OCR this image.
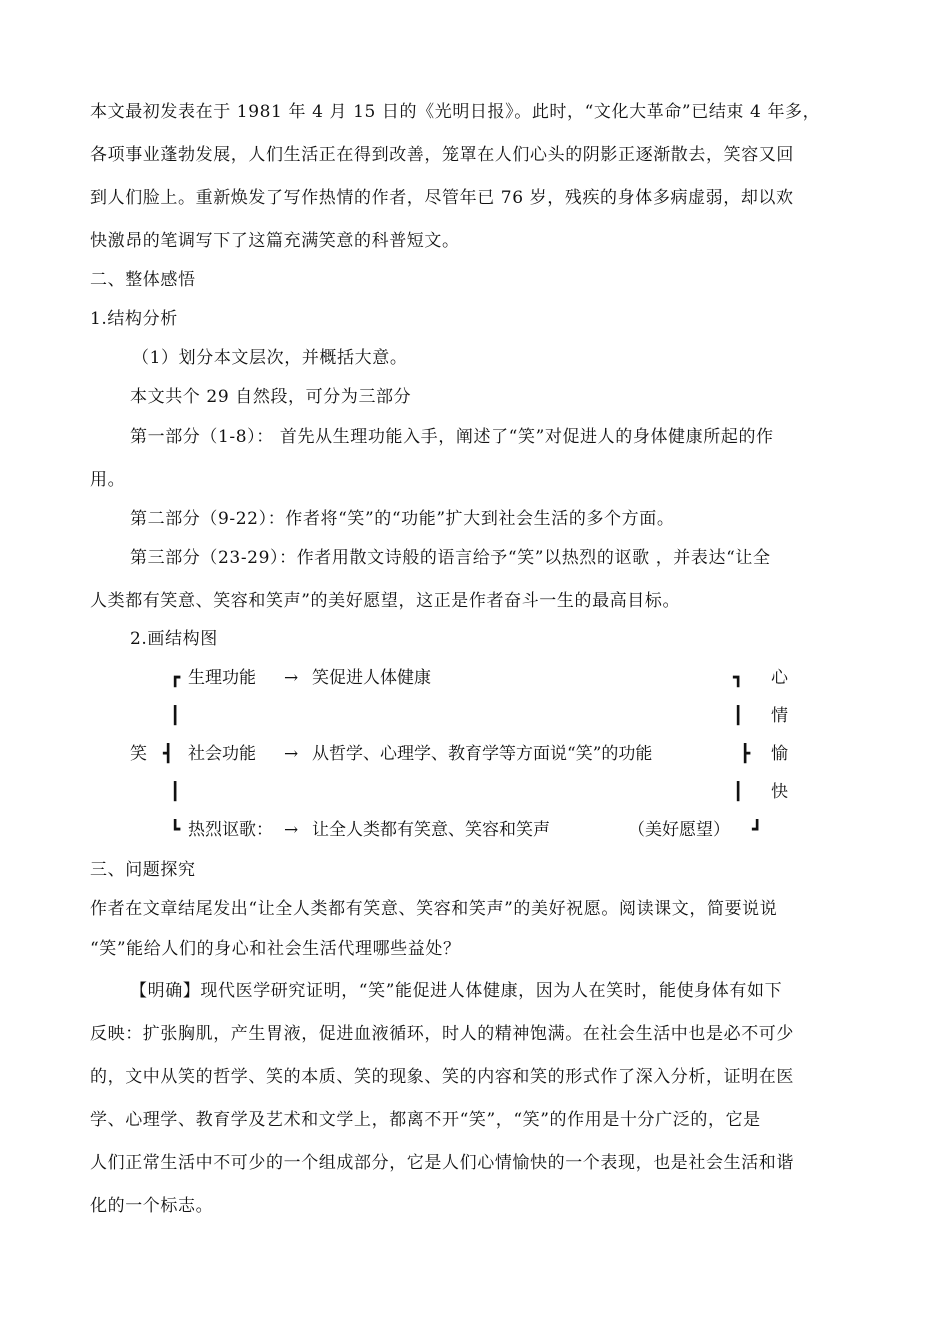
本文最初发表在于 1981 年 4 月 15 日的《光明日报》。此时，“文化大革命”已结束 4 年多，
各项事业蓬勃发展，人们生活正在得到改善，笼罩在人们心头的阴影正逐渐散去，笑容又回
到人们脸上。重新焕发了写作热情的作者，尽管年已 76 岁，残疾的身体多病虚弱，却以欢
快激昂的笔调写下了这篇充满笑意的科普短文。
二、整体感悟
1.结构分析
（1）划分本文层次，并概括大意。
本文共个 29 自然段，可分为三部分
第一部分（1-8）： 首先从生理功能入手，阐述了“笑”对促进人的身体健康所起的作
用。
第二部分（9-22）：作者将“笑”的“功能”扩大到社会生活的多个方面。
第三部分（23-29）：作者用散文诗般的语言给予“笑”以热烈的讴歌 ，并表达“让全
人类都有笑意、笑容和笑声”的美好愿望，这正是作者奋斗一生的最高目标。
2.画结构图
┏
┃
┫
┃
┗
笑
生理功能 → 笑促进人体健康
社会功能 → 从哲学、心理学、教育学等方面说“笑”的功能
热烈讴歌： → 让全人类都有笑意、笑容和笑声	（美好愿望）
┓
┃
┣
┃
┛
心
情
愉
快
三、问题探究
作者在文章结尾发出“让全人类都有笑意、笑容和笑声”的美好祝愿。阅读课文，简要说说
“笑”能给人们的身心和社会生活代理哪些益处？
【明确】现代医学研究证明，“笑”能促进人体健康，因为人在笑时，能使身体有如下
反映：扩张胸肌，产生胃液，促进血液循环，时人的精神饱满。在社会生活中也是必不可少
的，文中从笑的哲学、笑的本质、笑的现象、笑的内容和笑的形式作了深入分析，证明在医
学、心理学、教育学及艺术和文学上，都离不开“笑”，“笑”的作用是十分广泛的，它是
人们正常生活中不可少的一个组成部分，它是人们心情愉快的一个表现，也是社会生活和谐
化的一个标志。
